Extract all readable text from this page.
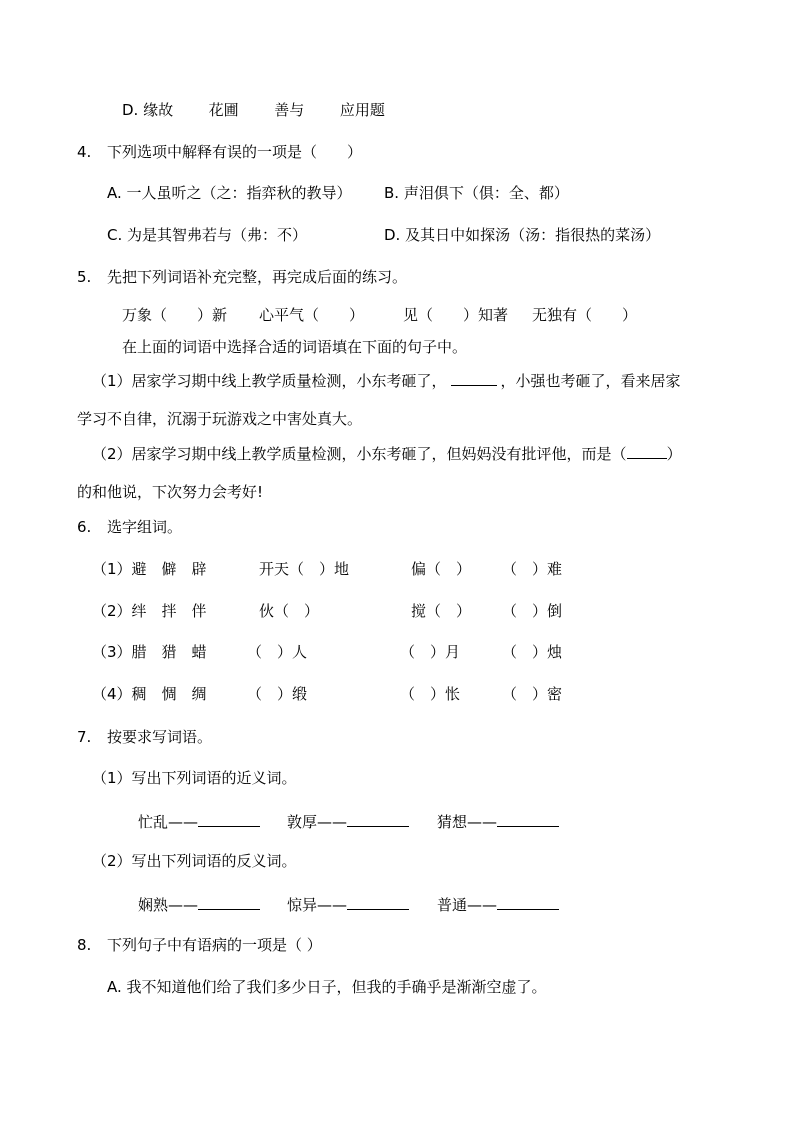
D. 缘故 花圃 善与 应用题
4. 下列选项中解释有误的一项是（　　）
A. 一人虽听之（之：指弈秋的教导） B. 声泪俱下（俱：全、都）
C. 为是其智弗若与（弗：不）	D. 及其日中如探汤（汤：指很热的菜汤）
5. 先把下列词语补充完整，再完成后面的练习。
万象（　　）新 心平气（　　）	见（　　）知著 无独有（　　）
在上面的词语中选择合适的词语填在下面的句子中。
（1）居家学习期中线上教学质量检测，小东考砸了，	，小强也考砸了，看来居家
学习不自律，沉溺于玩游戏之中害处真大。
（2）居家学习期中线上教学质量检测，小东考砸了，但妈妈没有批评他，而是（	）
的和他说，下次努力会考好!
6. 选字组词。
（1）避　僻　辟	开天（　）地	偏（　） （　）难
（2）绊　拌　伴	伙（　）	搅（　） （　）倒
（3）腊　猎　蜡	（　）人	（　）月	（　）烛
（4）稠　惆　绸	（　）缎	（　）怅	（　）密
7. 按要求写词语。
（1）写出下列词语的近义词。
忙乱——	敦厚——	猜想——
（2）写出下列词语的反义词。
娴熟——	惊异——	普通——
8. 下列句子中有语病的一项是（ ）
A. 我不知道他们给了我们多少日子，但我的手确乎是渐渐空虚了。
